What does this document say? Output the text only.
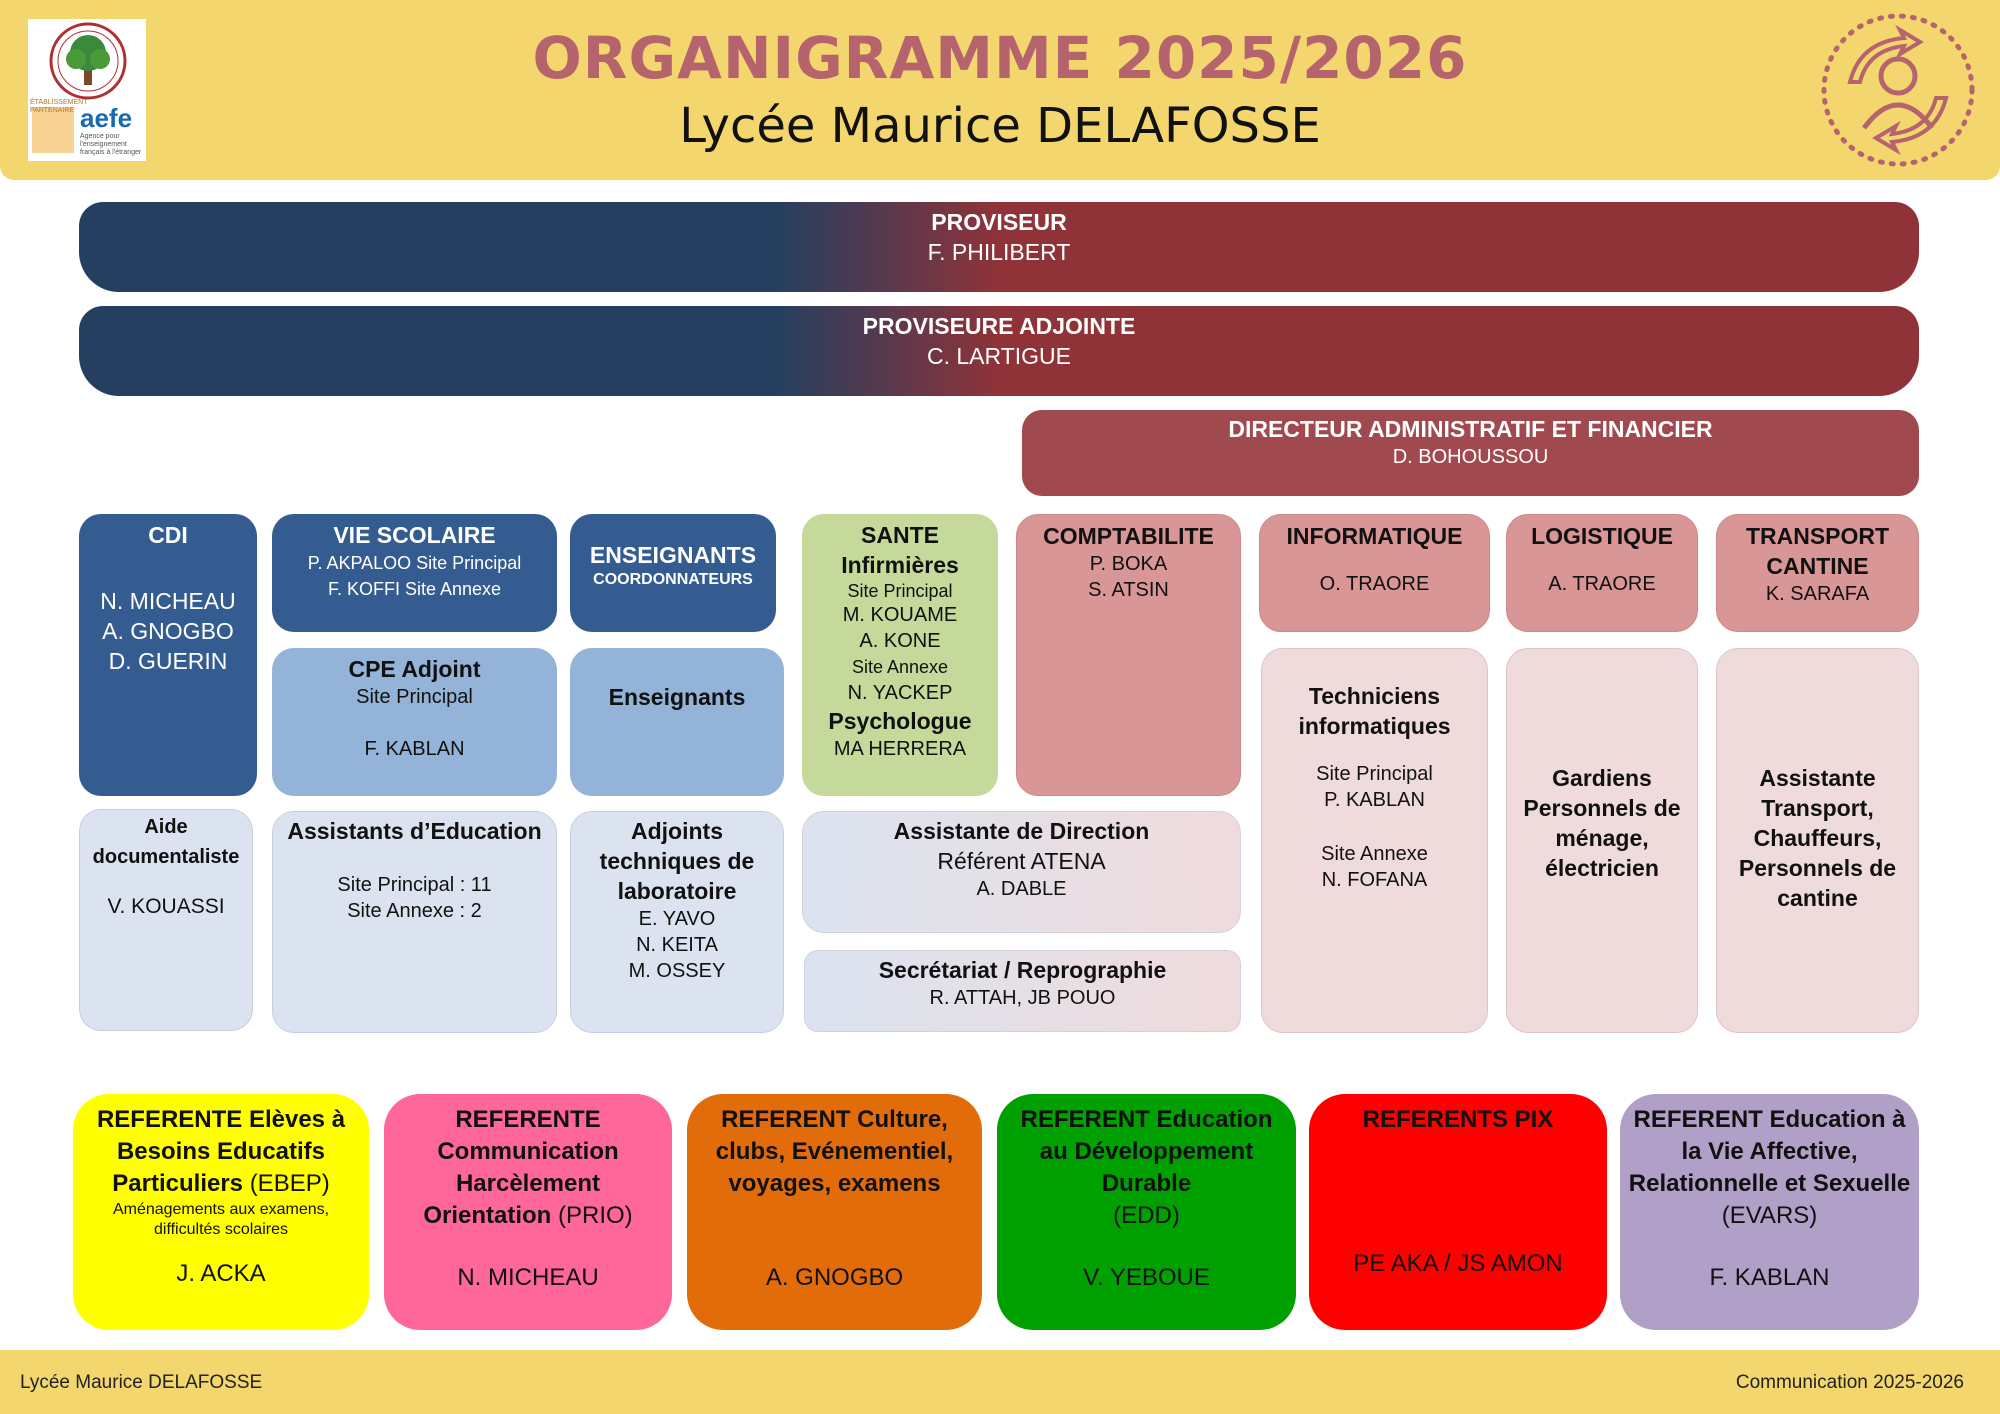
aefe
ÉTABLISSEMENT PARTENAIRE
Agence pour l'enseignement français à l'étranger
ORGANIGRAMME 2025/2026
Lycée Maurice DELAFOSSE
PROVISEUR
F. PHILIBERT
PROVISEURE ADJOINTE
C. LARTIGUE
DIRECTEUR ADMINISTRATIF ET FINANCIER
D. BOHOUSSOU
CDI
N. MICHEAU
A. GNOGBO
D. GUERIN
Aide documentaliste
V. KOUASSI
VIE SCOLAIRE
P. AKPALOO Site Principal
F. KOFFI Site Annexe
CPE Adjoint
Site Principal
F. KABLAN
Assistants d’Education
Site Principal : 11
Site Annexe : 2
ENSEIGNANTS
COORDONNATEURS
Enseignants
Adjoints techniques de laboratoire
E. YAVO
N. KEITA
M. OSSEY
SANTE
Infirmières
Site Principal
M. KOUAME
A. KONE
Site Annexe
N. YACKEP
Psychologue
MA HERRERA
Assistante de Direction
Référent ATENA
A. DABLE
Secrétariat / Reprographie
R. ATTAH, JB POUO
COMPTABILITE
P. BOKA
S. ATSIN
INFORMATIQUE
O. TRAORE
Techniciens informatiques
Site Principal
P. KABLAN
Site Annexe
N. FOFANA
LOGISTIQUE
A. TRAORE
Gardiens Personnels de ménage, électricien
TRANSPORT
CANTINE
K. SARAFA
Assistante Transport, Chauffeurs, Personnels de cantine
REFERENTE Elèves à Besoins Educatifs Particuliers (EBEP)
Aménagements aux examens, difficultés scolaires
J. ACKA
REFERENTE Communication Harcèlement Orientation (PRIO)
N. MICHEAU
REFERENT Culture, clubs, Evénementiel, voyages, examens
A. GNOGBO
REFERENT Education au Développement Durable
(EDD)
V. YEBOUE
REFERENTS PIX
PE AKA / JS AMON
REFERENT Education à la Vie Affective, Relationnelle et Sexuelle
(EVARS)
F. KABLAN
Lycée Maurice DELAFOSSE	Communication 2025-2026
